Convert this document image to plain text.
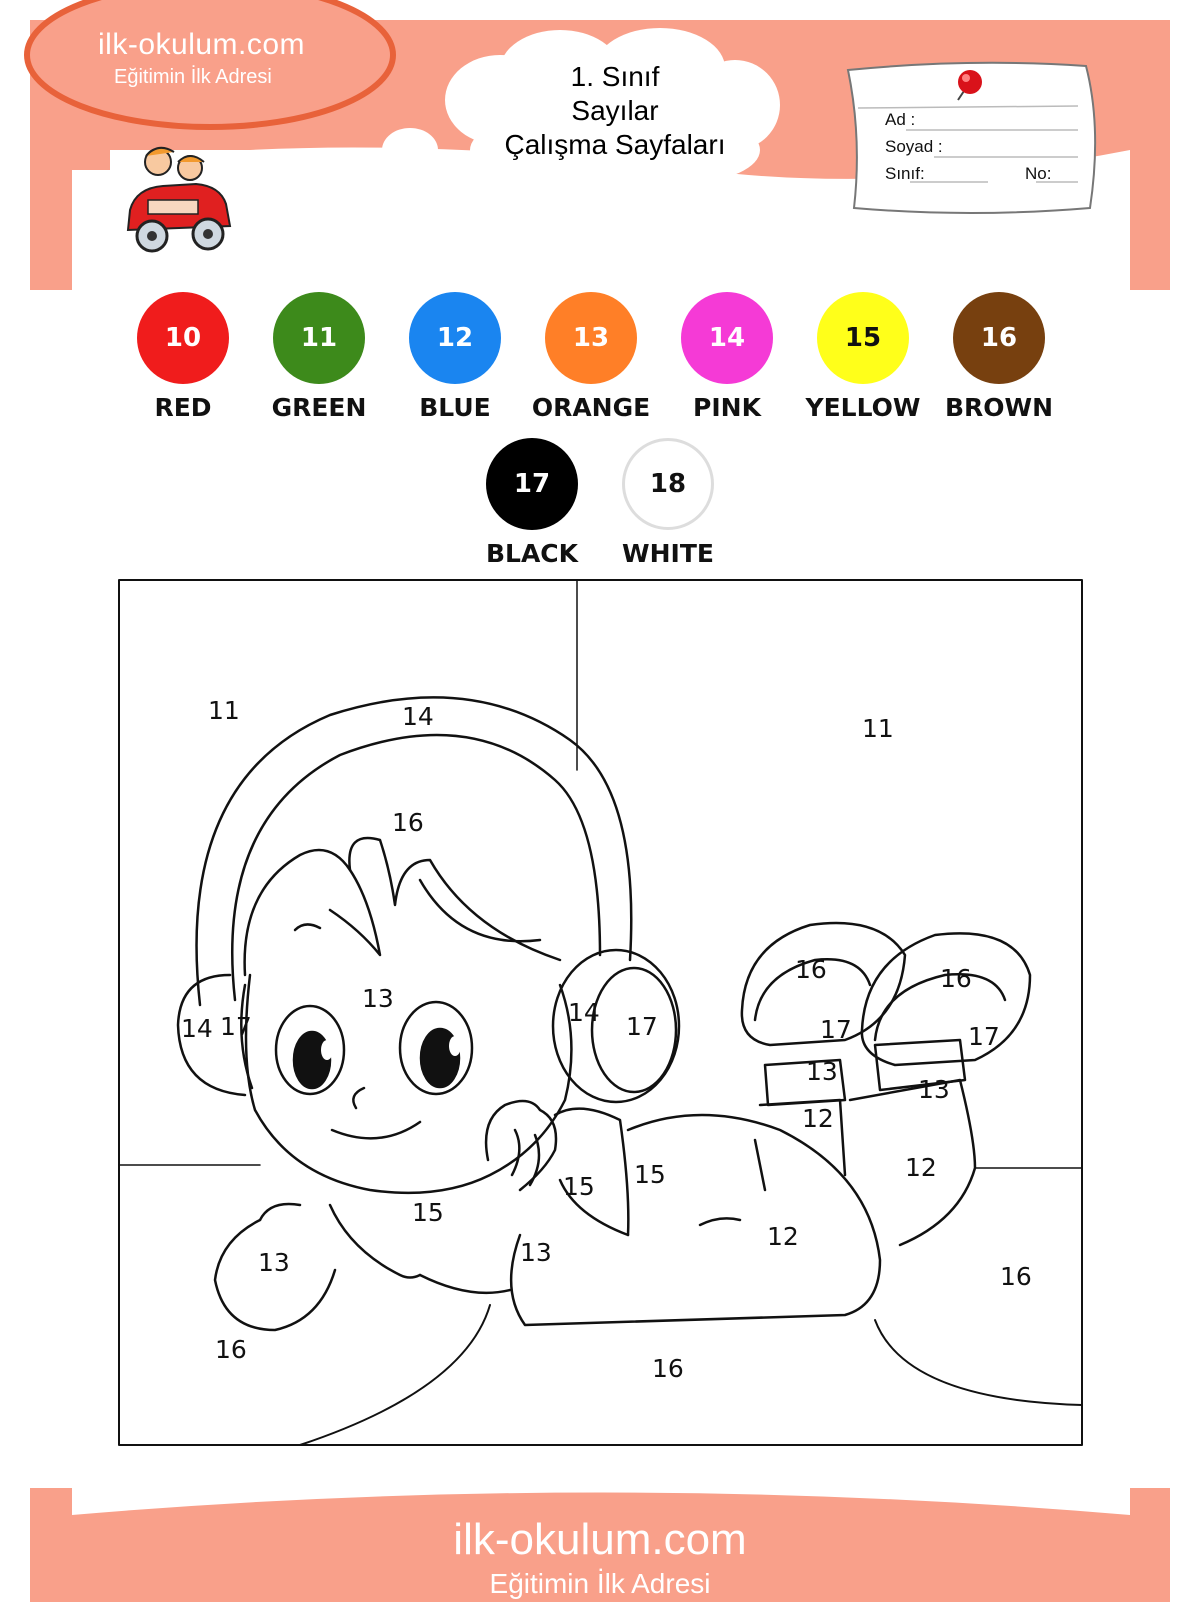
ilk-okulum.com
Eğitimin İlk Adresi	1. Sınıf
Sayılar
Çalışma Sayfaları
Ad :
Soyad :
Sınıf:	No:
10	11	12	13	14	15	16
17	18
RED	GREEN	BLUE	ORANGE	PINK	YELLOW BROWN
BLACK	WHITE
11	14	11
16
13
14 17	14 17
16	16
17	17
13
13
12
12
15
15
15
12
13
13	16
16
16
ilk-okulum.com
Eğitimin İlk Adresi
